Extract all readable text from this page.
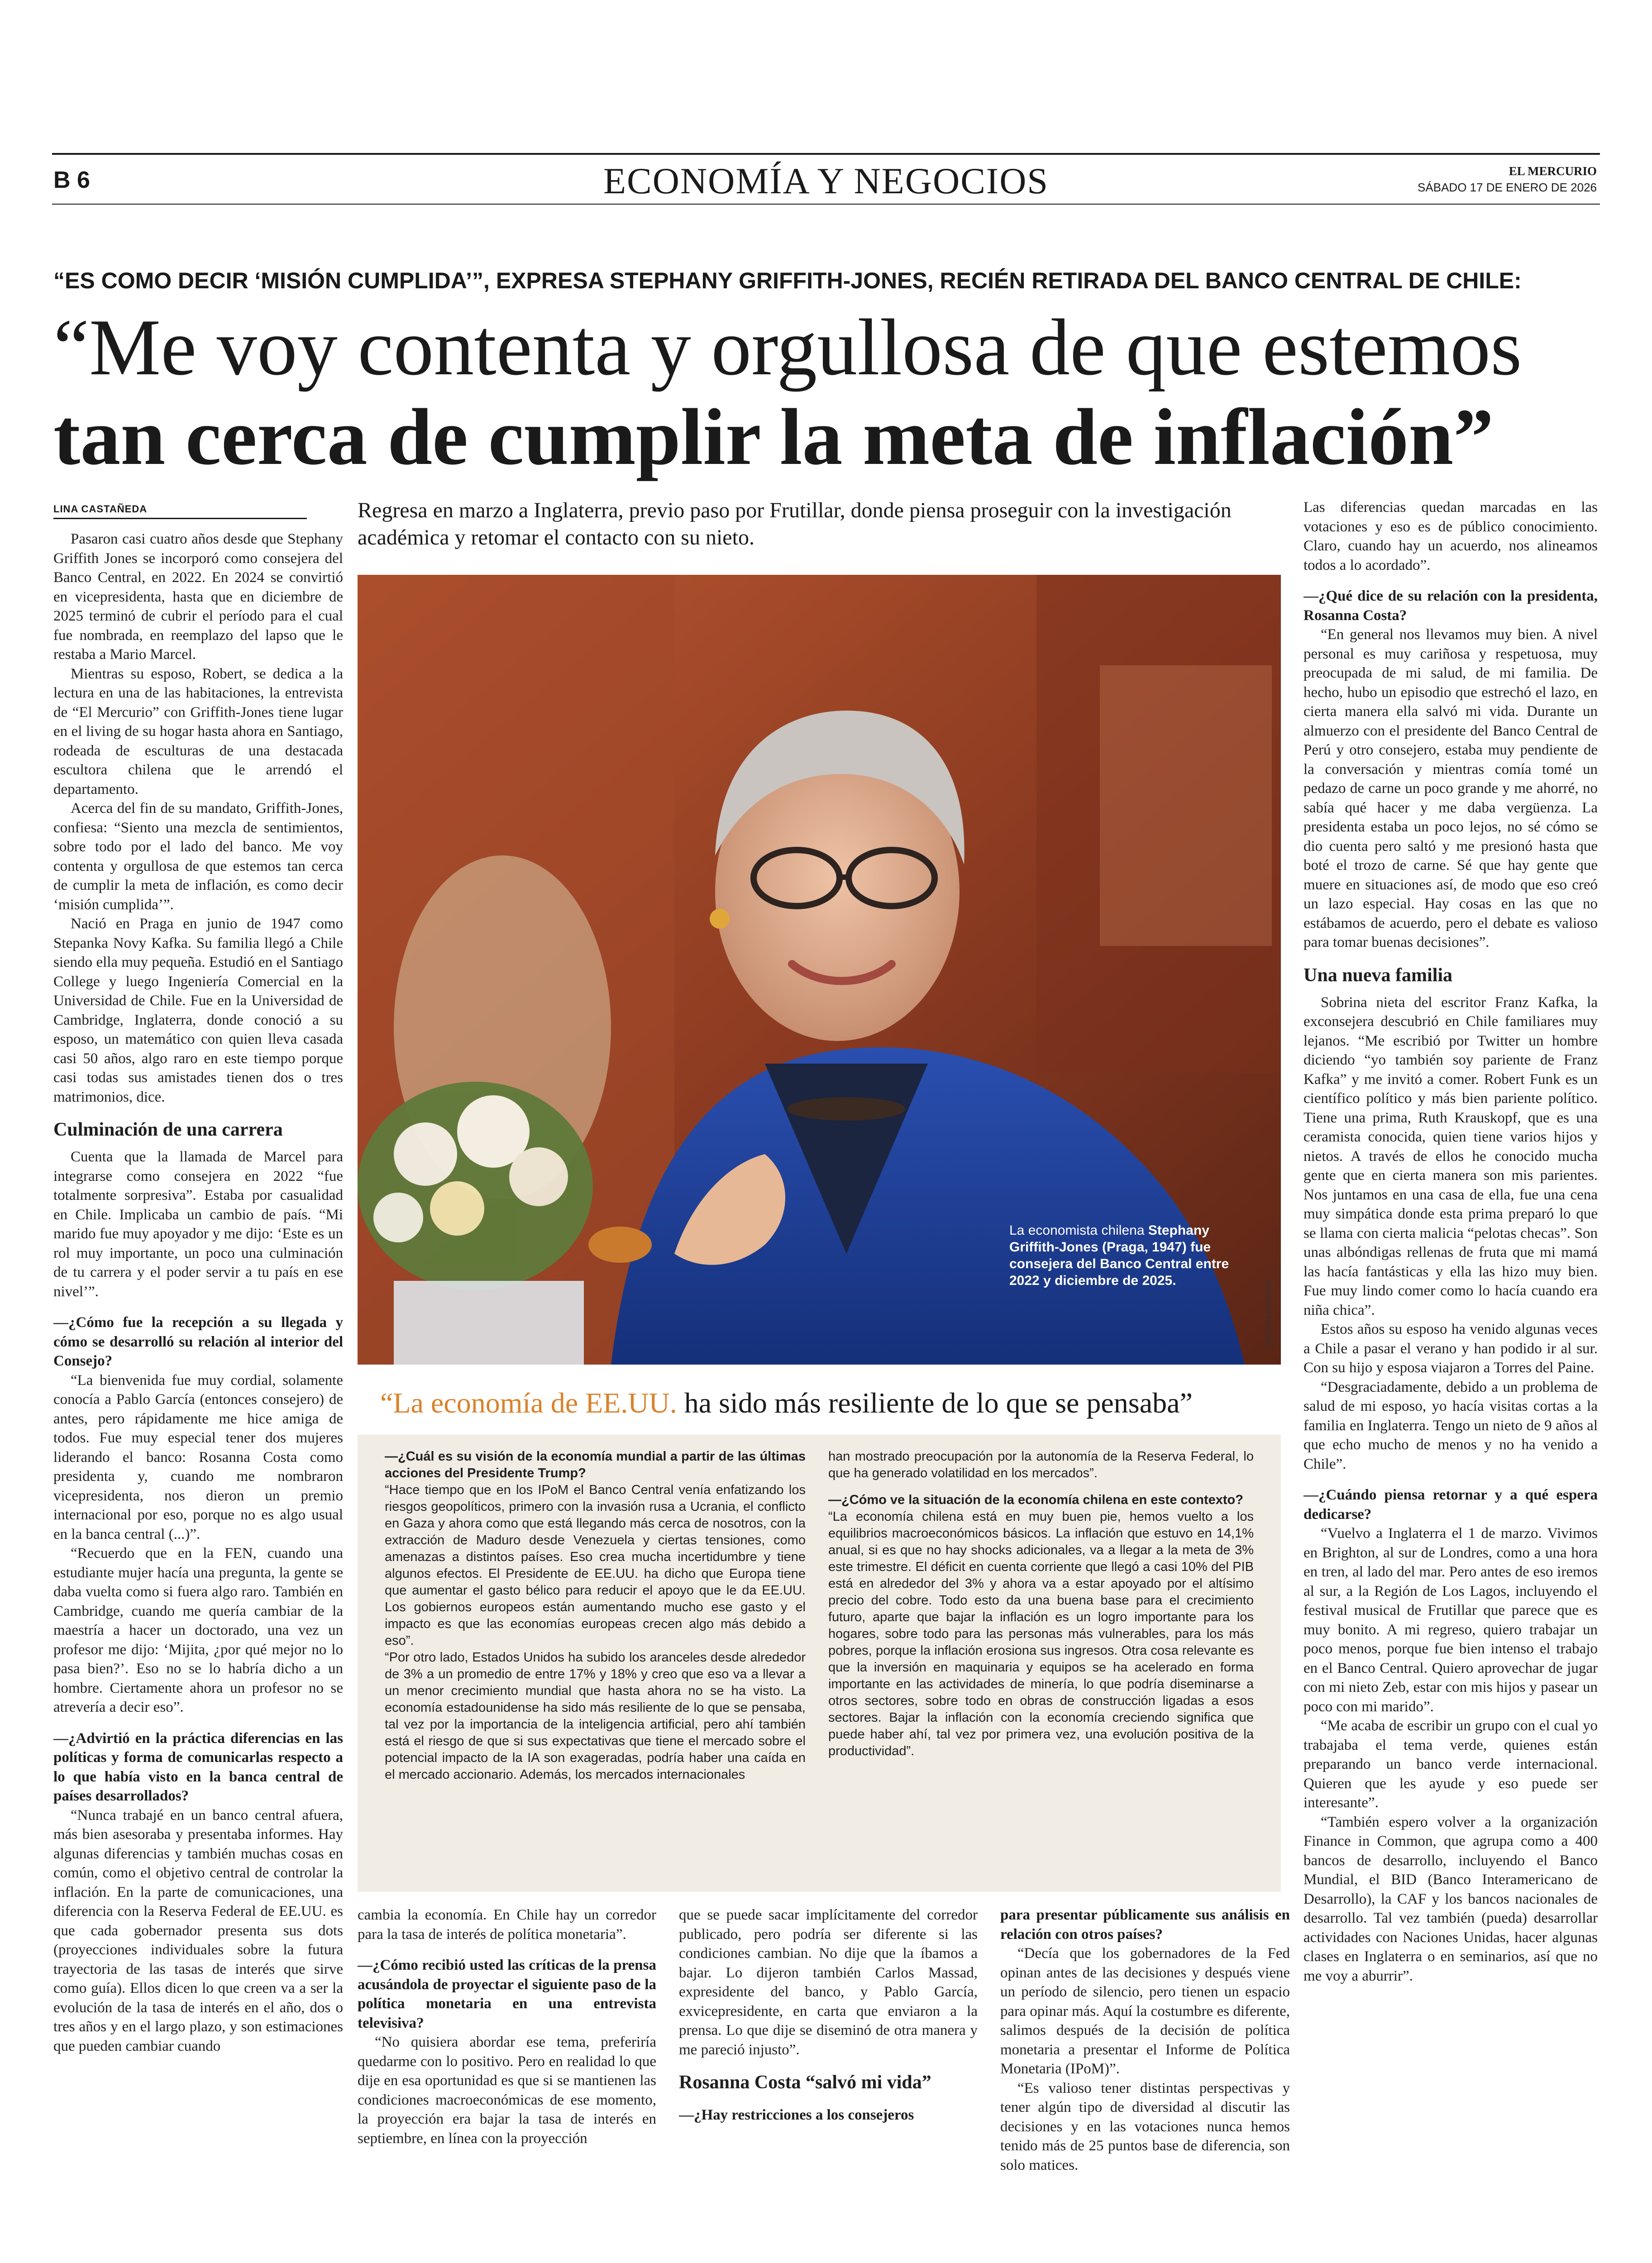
B 6	ECONOMÍA Y NEGOCIOS	EL MERCURIO
SÁBADO 17 DE ENERO DE 2026
“ES COMO DECIR ‘MISIÓN CUMPLIDA’”, EXPRESA STEPHANY GRIFFITH-JONES, RECIÉN RETIRADA DEL BANCO CENTRAL DE CHILE:
“Me voy contenta y orgullosa de que estemos
tan cerca de cumplir la meta de inflación”
LINA CASTAÑEDA	Regresa en marzo a Inglaterra, previo paso por Frutillar, donde piensa proseguir con la investigación académica y retomar el contacto con su nieto.

Pasaron casi cuatro años desde que Stephany Griffith Jones se incorporó como consejera del Banco Central, en 2022. En 2024 se convirtió en vicepresidenta, hasta que en diciembre de 2025 terminó de cubrir el período para el cual fue nombrada, en reemplazo del lapso que le restaba a Mario Marcel.

Mientras su esposo, Robert, se dedica a la lectura en una de las habitaciones, la entrevista de “El Mercurio” con Griffith-Jones tiene lugar en el living de su hogar hasta ahora en Santiago, rodeada de esculturas de una destacada escultora chilena que le arrendó el departamento.

Acerca del fin de su mandato, Griffith-Jones, confiesa: “Siento una mezcla de sentimientos, sobre todo por el lado del banco. Me voy contenta y orgullosa de que estemos tan cerca de cumplir la meta de inflación, es como decir ‘misión cumplida’”.

Nació en Praga en junio de 1947 como Stepanka Novy Kafka. Su familia llegó a Chile siendo ella muy pequeña. Estudió en el Santiago College y luego Ingeniería Comercial en la Universidad de Chile. Fue en la Universidad de Cambridge, Inglaterra, donde conoció a su esposo, un matemático con quien lleva casada casi 50 años, algo raro en este tiempo porque casi todas sus amistades tienen dos o tres matrimonios, dice.

Culminación de una carrera

Cuenta que la llamada de Marcel para integrarse como consejera en 2022 “fue totalmente sorpresiva”. Estaba por casualidad en Chile. Implicaba un cambio de país. “Mi marido fue muy apoyador y me dijo: ‘Este es un rol muy importante, un poco una culminación de tu carrera y el poder servir a tu país en ese nivel’”.

—¿Cómo fue la recepción a su llegada y cómo se desarrolló su relación al interior del Consejo?

“La bienvenida fue muy cordial, solamente conocía a Pablo García (entonces consejero) de antes, pero rápidamente me hice amiga de todos. Fue muy especial tener dos mujeres liderando el banco: Rosanna Costa como presidenta y, cuando me nombraron vicepresidenta, nos dieron un premio internacional por eso, porque no es algo usual en la banca central (...)”.

“Recuerdo que en la FEN, cuando una estudiante mujer hacía una pregunta, la gente se daba vuelta como si fuera algo raro. También en Cambridge, cuando me quería cambiar de la maestría a hacer un doctorado, una vez un profesor me dijo: ‘Mijita, ¿por qué mejor no lo pasa bien?’. Eso no se lo habría dicho a un hombre. Ciertamente ahora un profesor no se atrevería a decir eso”.

—¿Advirtió en la práctica diferencias en las políticas y forma de comunicarlas respecto a lo que había visto en la banca central de países desarrollados?

“Nunca trabajé en un banco central afuera, más bien asesoraba y presentaba informes. Hay algunas diferencias y también muchas cosas en común, como el objetivo central de controlar la inflación. En la parte de comunicaciones, una diferencia con la Reserva Federal de EE.UU. es que cada gobernador presenta sus dots (proyecciones individuales sobre la futura trayectoria de las tasas de interés que sirve como guía). Ellos dicen lo que creen va a ser la evolución de la tasa de interés en el año, dos o tres años y en el largo plazo, y son estimaciones que pueden cambiar cuando

La economista chilena Stephany Griffith-Jones (Praga, 1947) fue consejera del Banco Central entre 2022 y diciembre de 2025.	HÉCTOR ARAVENA
“La economía de EE.UU. ha sido más resiliente de lo que se pensaba”

—¿Cuál es su visión de la economía mundial a partir de las últimas acciones del Presidente Trump?

“Hace tiempo que en los IPoM el Banco Central venía enfatizando los riesgos geopolíticos, primero con la invasión rusa a Ucrania, el conflicto en Gaza y ahora como que está llegando más cerca de nosotros, con la extracción de Maduro desde Venezuela y ciertas tensiones, como amenazas a distintos países. Eso crea mucha incertidumbre y tiene algunos efectos. El Presidente de EE.UU. ha dicho que Europa tiene que aumentar el gasto bélico para reducir el apoyo que le da EE.UU. Los gobiernos europeos están aumentando mucho ese gasto y el impacto es que las economías europeas crecen algo más debido a eso”.

“Por otro lado, Estados Unidos ha subido los aranceles desde alrededor de 3% a un promedio de entre 17% y 18% y creo que eso va a llevar a un menor crecimiento mundial que hasta ahora no se ha visto. La economía estadounidense ha sido más resiliente de lo que se pensaba, tal vez por la importancia de la inteligencia artificial, pero ahí también está el riesgo de que si sus expectativas que tiene el mercado sobre el potencial impacto de la IA son exageradas, podría haber una caída en el mercado accionario. Además, los mercados internacionales

han mostrado preocupación por la autonomía de la Reserva Federal, lo que ha generado volatilidad en los mercados”.

—¿Cómo ve la situación de la economía chilena en este contexto?

“La economía chilena está en muy buen pie, hemos vuelto a los equilibrios macroeconómicos básicos. La inflación que estuvo en 14,1% anual, si es que no hay shocks adicionales, va a llegar a la meta de 3% este trimestre. El déficit en cuenta corriente que llegó a casi 10% del PIB está en alrededor del 3% y ahora va a estar apoyado por el altísimo precio del cobre. Todo esto da una buena base para el crecimiento futuro, aparte que bajar la inflación es un logro importante para los hogares, sobre todo para las personas más vulnerables, para los más pobres, porque la inflación erosiona sus ingresos. Otra cosa relevante es que la inversión en maquinaria y equipos se ha acelerado en forma importante en las actividades de minería, lo que podría diseminarse a otros sectores, sobre todo en obras de construcción ligadas a esos sectores. Bajar la inflación con la economía creciendo significa que puede haber ahí, tal vez por primera vez, una evolución positiva de la productividad”.

cambia la economía. En Chile hay un corredor para la tasa de interés de política monetaria”.

—¿Cómo recibió usted las críticas de la prensa acusándola de proyectar el siguiente paso de la política monetaria en una entrevista televisiva?

“No quisiera abordar ese tema, preferiría quedarme con lo positivo. Pero en realidad lo que dije en esa oportunidad es que si se mantienen las condiciones macroeconómicas de ese momento, la proyección era bajar la tasa de interés en septiembre, en línea con la proyección

que se puede sacar implícitamente del corredor publicado, pero podría ser diferente si las condiciones cambian. No dije que la íbamos a bajar. Lo dijeron también Carlos Massad, expresidente del banco, y Pablo García, exvicepresidente, en carta que enviaron a la prensa. Lo que dije se diseminó de otra manera y me pareció injusto”.

Rosanna Costa “salvó mi vida”

—¿Hay restricciones a los consejeros

para presentar públicamente sus análisis en relación con otros países?

“Decía que los gobernadores de la Fed opinan antes de las decisiones y después viene un período de silencio, pero tienen un espacio para opinar más. Aquí la costumbre es diferente, salimos después de la decisión de política monetaria a presentar el Informe de Política Monetaria (IPoM)”.

“Es valioso tener distintas perspectivas y tener algún tipo de diversidad al discutir las decisiones y en las votaciones nunca hemos tenido más de 25 puntos base de diferencia, son solo matices.

Las diferencias quedan marcadas en las votaciones y eso es de público conocimiento. Claro, cuando hay un acuerdo, nos alineamos todos a lo acordado”.

—¿Qué dice de su relación con la presidenta, Rosanna Costa?

“En general nos llevamos muy bien. A nivel personal es muy cariñosa y respetuosa, muy preocupada de mi salud, de mi familia. De hecho, hubo un episodio que estrechó el lazo, en cierta manera ella salvó mi vida. Durante un almuerzo con el presidente del Banco Central de Perú y otro consejero, estaba muy pendiente de la conversación y mientras comía tomé un pedazo de carne un poco grande y me ahorré, no sabía qué hacer y me daba vergüenza. La presidenta estaba un poco lejos, no sé cómo se dio cuenta pero saltó y me presionó hasta que boté el trozo de carne. Sé que hay gente que muere en situaciones así, de modo que eso creó un lazo especial. Hay cosas en las que no estábamos de acuerdo, pero el debate es valioso para tomar buenas decisiones”.

Una nueva familia

Sobrina nieta del escritor Franz Kafka, la exconsejera descubrió en Chile familiares muy lejanos. “Me escribió por Twitter un hombre diciendo “yo también soy pariente de Franz Kafka” y me invitó a comer. Robert Funk es un científico político y más bien pariente político. Tiene una prima, Ruth Krauskopf, que es una ceramista conocida, quien tiene varios hijos y nietos. A través de ellos he conocido mucha gente que en cierta manera son mis parientes. Nos juntamos en una casa de ella, fue una cena muy simpática donde esta prima preparó lo que se llama con cierta malicia “pelotas checas”. Son unas albóndigas rellenas de fruta que mi mamá las hacía fantásticas y ella las hizo muy bien. Fue muy lindo comer como lo hacía cuando era niña chica”.

Estos años su esposo ha venido algunas veces a Chile a pasar el verano y han podido ir al sur. Con su hijo y esposa viajaron a Torres del Paine.

“Desgraciadamente, debido a un problema de salud de mi esposo, yo hacía visitas cortas a la familia en Inglaterra. Tengo un nieto de 9 años al que echo mucho de menos y no ha venido a Chile”.

—¿Cuándo piensa retornar y a qué espera dedicarse?

“Vuelvo a Inglaterra el 1 de marzo. Vivimos en Brighton, al sur de Londres, como a una hora en tren, al lado del mar. Pero antes de eso iremos al sur, a la Región de Los Lagos, incluyendo el festival musical de Frutillar que parece que es muy bonito. A mi regreso, quiero trabajar un poco menos, porque fue bien intenso el trabajo en el Banco Central. Quiero aprovechar de jugar con mi nieto Zeb, estar con mis hijos y pasear un poco con mi marido”.

“Me acaba de escribir un grupo con el cual yo trabajaba el tema verde, quienes están preparando un banco verde internacional. Quieren que les ayude y eso puede ser interesante”.

“También espero volver a la organización Finance in Common, que agrupa como a 400 bancos de desarrollo, incluyendo el Banco Mundial, el BID (Banco Interamericano de Desarrollo), la CAF y los bancos nacionales de desarrollo. Tal vez también (pueda) desarrollar actividades con Naciones Unidas, hacer algunas clases en Inglaterra o en seminarios, así que no me voy a aburrir”.
